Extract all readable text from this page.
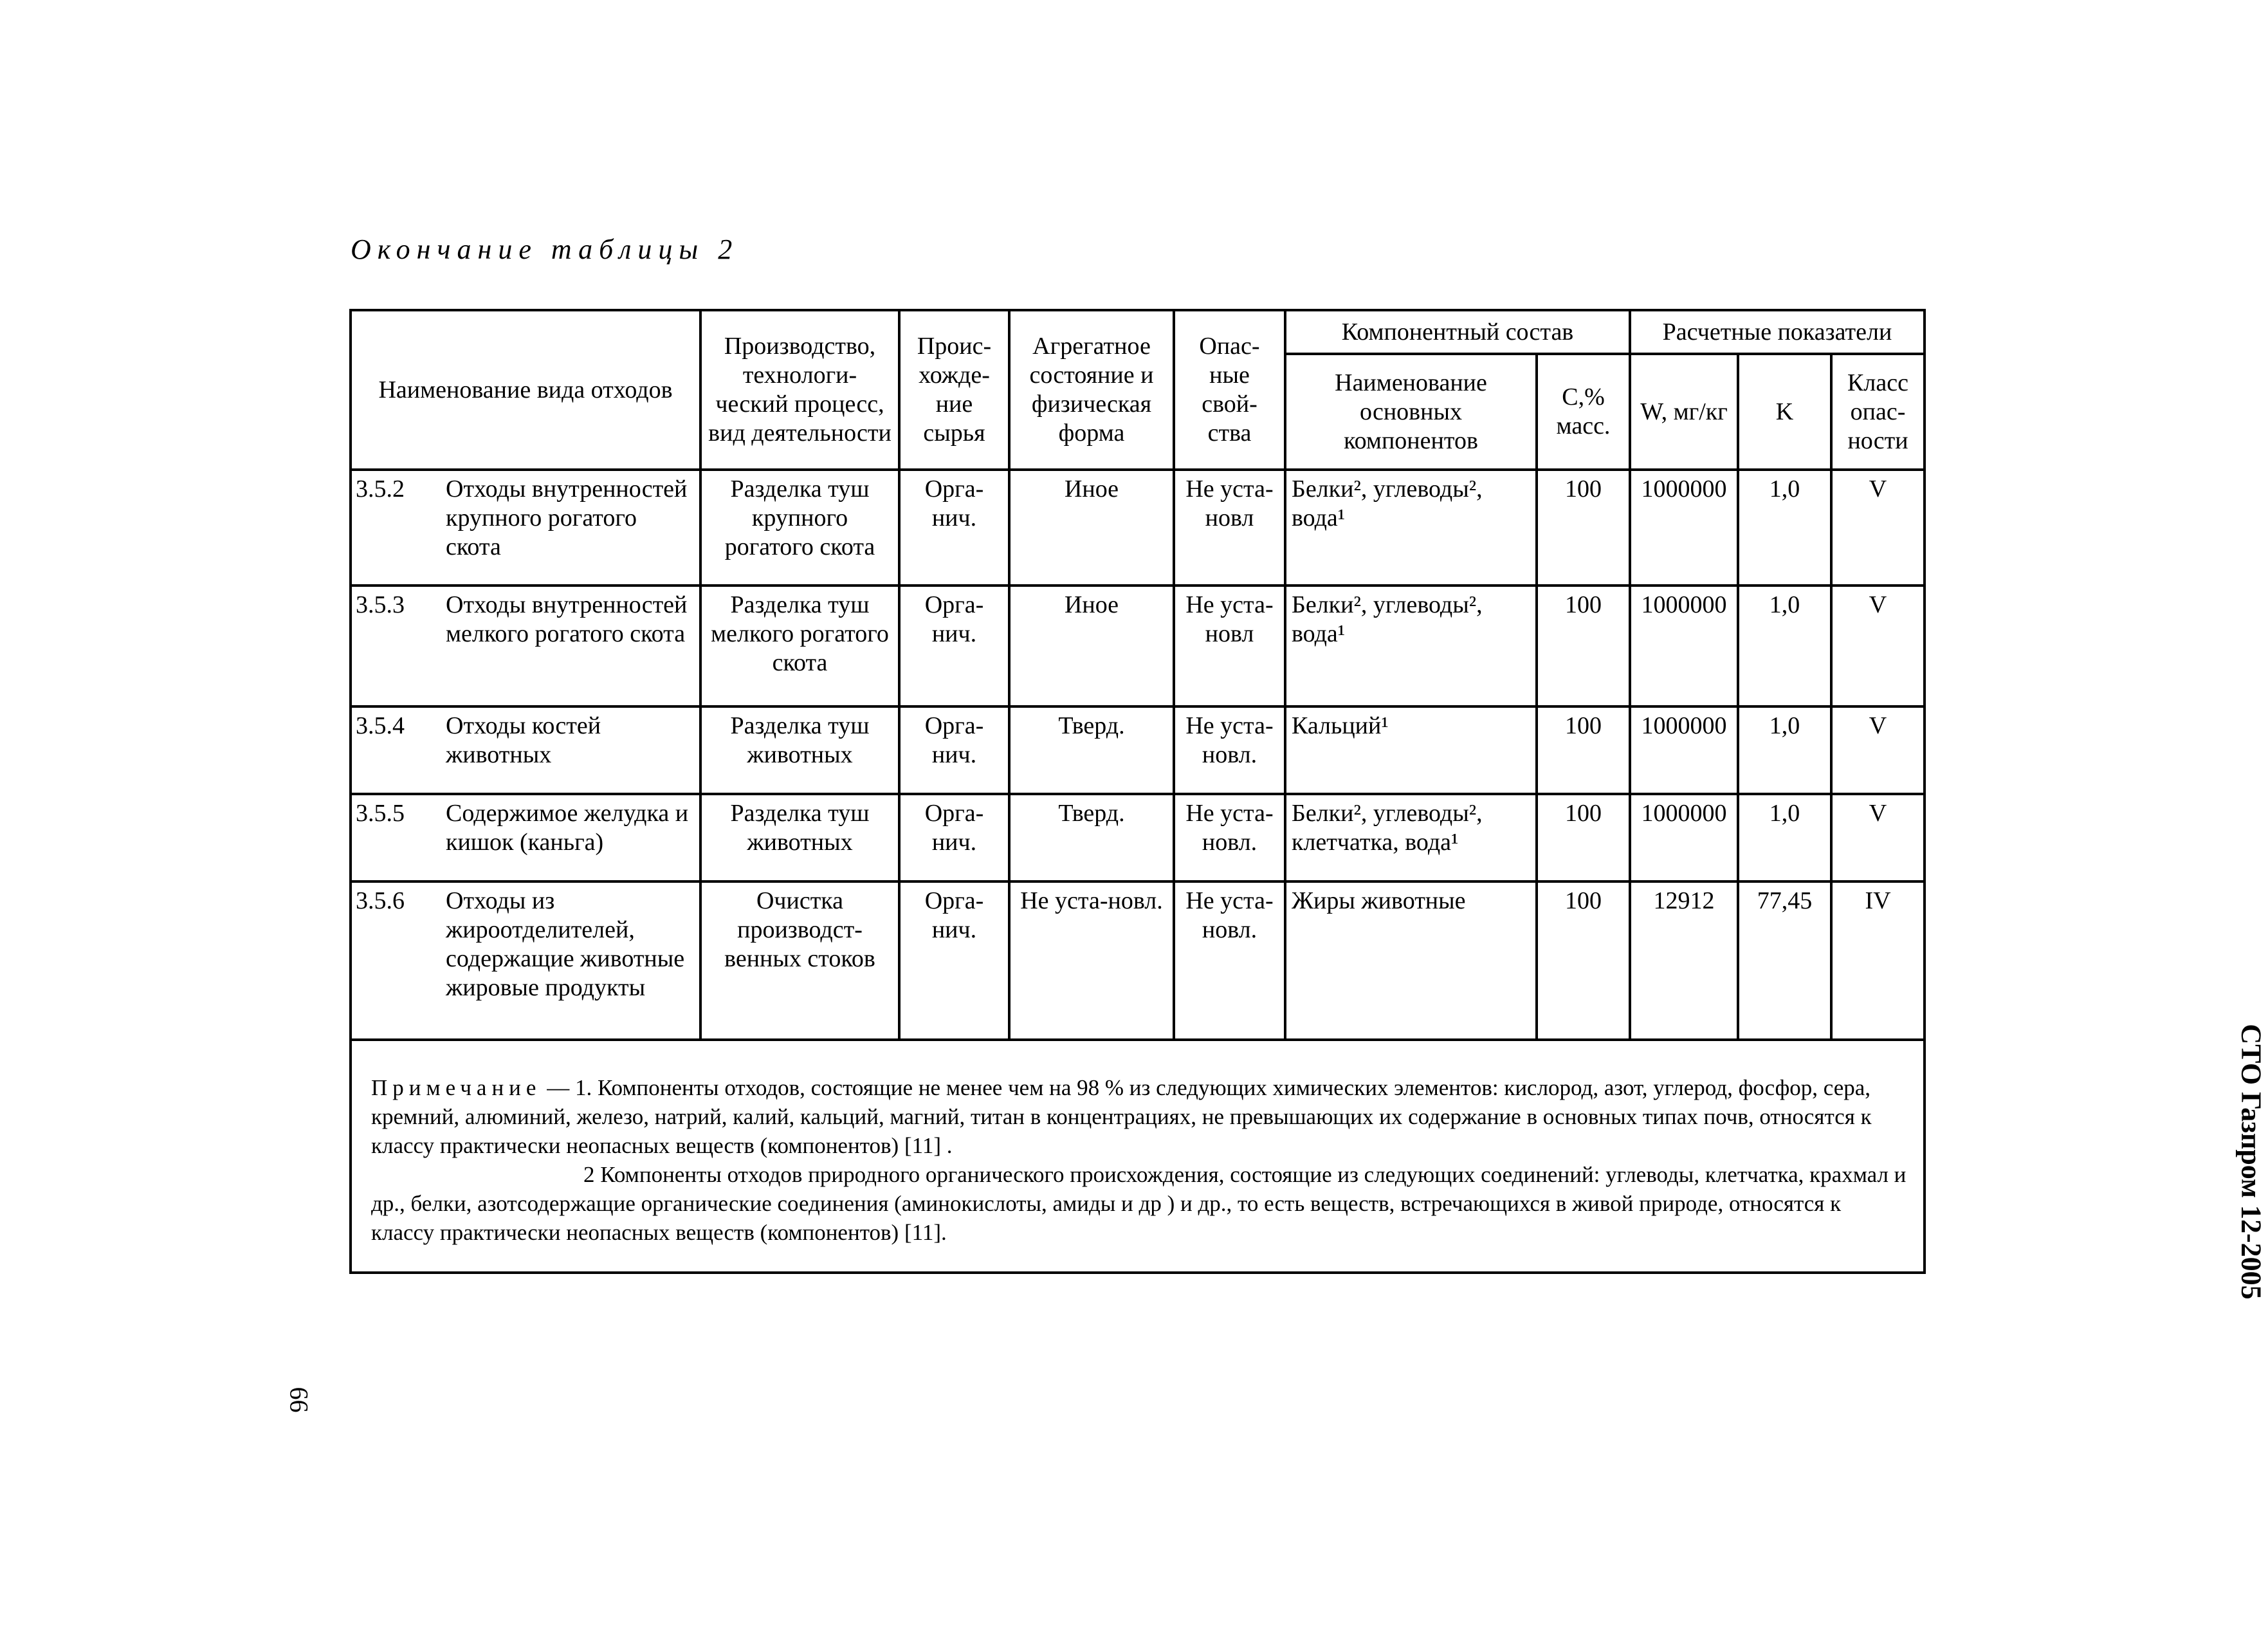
Окончание таблицы 2
Наименование вида отходов		Производство, технологи-ческий процесс, вид деятельности	Проис-хожде-ние сырья	Агрегатное состояние и физическая форма	Опас-ные свой-ства	Компонентный состав		Расчетные показатели		
						Наименование основных компонентов	C,% масс.	W, мг/кг	K	Класс опас-ности
3.5.2	Отходы внутренностей крупного рогатого скота	Разделка туш крупного рогатого скота	Орга-нич.	Иное	Не уста-новл	Белки², углеводы², вода¹	100	1000000	1,0	V
3.5.3	Отходы внутренностей мелкого рогатого скота	Разделка туш мелкого рогатого скота	Орга-нич.	Иное	Не уста-новл	Белки², углеводы², вода¹	100	1000000	1,0	V
3.5.4	Отходы костей животных	Разделка туш животных	Орга-нич.	Тверд.	Не уста-новл.	Кальций¹	100	1000000	1,0	V
3.5.5	Содержимое желудка и кишок (каньга)	Разделка туш животных	Орга-нич.	Тверд.	Не уста-новл.	Белки², углеводы², клетчатка, вода¹	100	1000000	1,0	V
3.5.6	Отходы из жироотделителей, содержащие животные жировые продукты	Очистка производст-венных стоков	Орга-нич.	Не уста-новл.	Не уста-новл.	Жиры животные	100	12912	77,45	IV

Примечание — 1. Компоненты отходов, состоящие не менее чем на 98 % из следующих химических элементов: кислород, азот, углерод, фосфор, сера, кремний, алюминий, железо, натрий, калий, кальций, магний, титан в концентрациях, не превышающих их содержание в основных типах почв, относятся к классу практически неопасных веществ (компонентов) [11] .

2 Компоненты отходов природного органического происхождения, состоящие из следующих соединений: углеводы, клетчатка, крахмал и др., белки, азотсодержащие органические соединения (аминокислоты, амиды и др ) и др., то есть веществ, встречающихся в живой природе, относятся к классу практически неопасных веществ (компонентов) [11].										

66
СТО Газпром 12-2005
